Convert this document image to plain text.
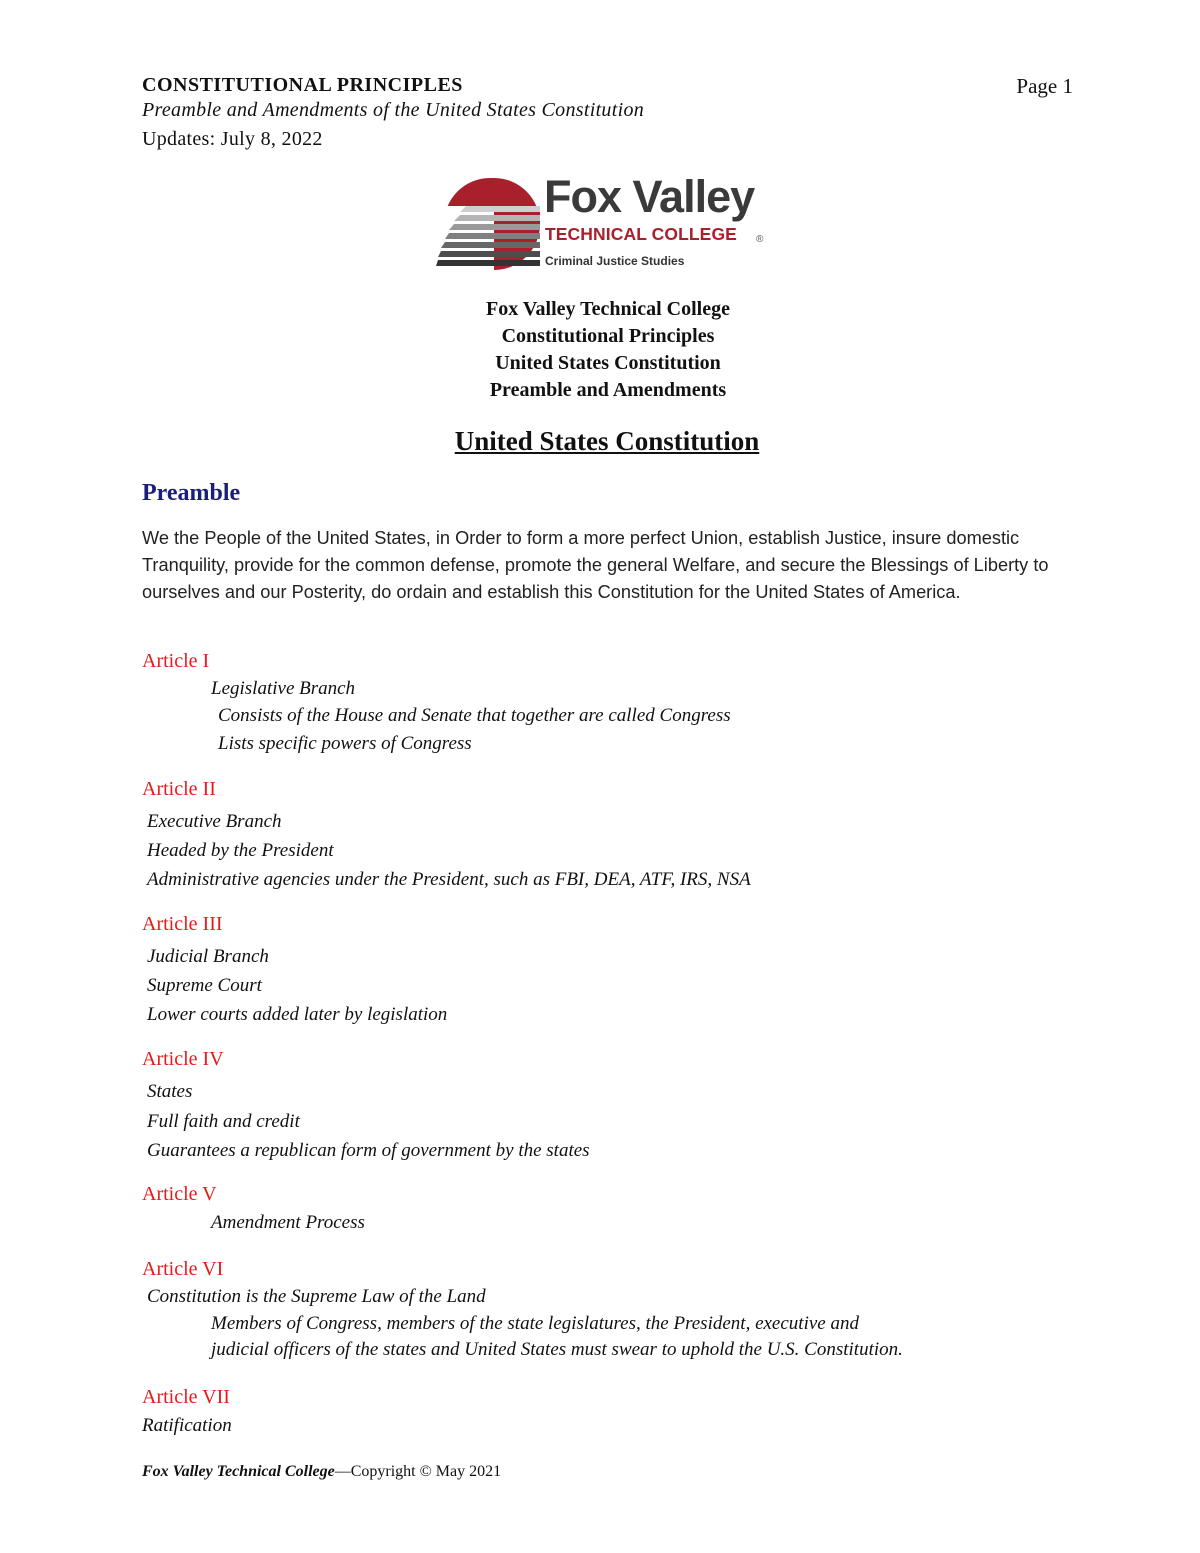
CONSTITUTIONAL PRINCIPLES	Page 1
Preamble and Amendments of the United States Constitution
Updates: July 8, 2022
Fox Valley
TECHNICAL COLLEGE ®
Criminal Justice Studies
Fox Valley Technical College
Constitutional Principles
United States Constitution
Preamble and Amendments
United States Constitution
Preamble
We the People of the United States, in Order to form a more perfect Union, establish Justice, insure domestic Tranquility, provide for the common defense, promote the general Welfare, and secure the Blessings of Liberty to ourselves and our Posterity, do ordain and establish this Constitution for the United States of America.
Article I
Legislative Branch
Consists of the House and Senate that together are called Congress
Lists specific powers of Congress
Article II
Executive Branch
Headed by the President
Administrative agencies under the President, such as FBI, DEA, ATF, IRS, NSA
Article III
Judicial Branch
Supreme Court
Lower courts added later by legislation
Article IV
States
Full faith and credit
Guarantees a republican form of government by the states
Article V
Amendment Process
Article VI
Constitution is the Supreme Law of the Land
Members of Congress, members of the state legislatures, the President, executive and
judicial officers of the states and United States must swear to uphold the U.S. Constitution.
Article VII
Ratification
Fox Valley Technical College—Copyright © May 2021
